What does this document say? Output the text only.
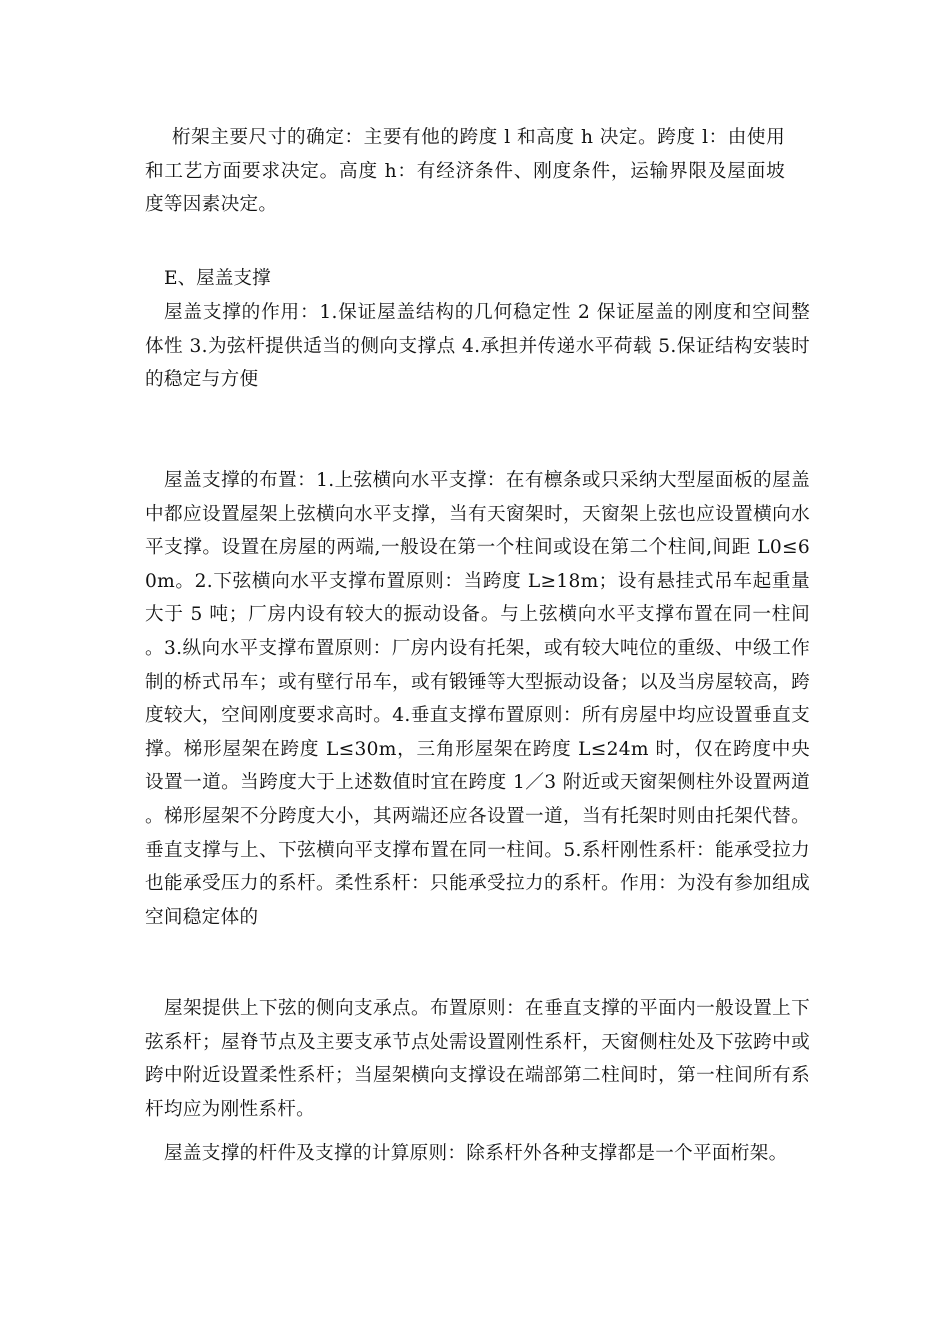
桁架主要尺寸的确定：主要有他的跨度 l 和高度 h 决定。跨度 l：由使用和工艺方面要求决定。高度 h：有经济条件、刚度条件，运输界限及屋面坡度等因素决定。

E、屋盖支撑

屋盖支撑的作用：1.保证屋盖结构的几何稳定性 2 保证屋盖的刚度和空间整体性 3.为弦杆提供适当的侧向支撑点 4.承担并传递水平荷载 5.保证结构安装时的稳定与方便

屋盖支撑的布置：1.上弦横向水平支撑：在有檩条或只采纳大型屋面板的屋盖中都应设置屋架上弦横向水平支撑，当有天窗架时，天窗架上弦也应设置横向水平支撑。设置在房屋的两端,一般设在第一个柱间或设在第二个柱间,间距 L0≤60m。2.下弦横向水平支撑布置原则：当跨度 L≥18m；设有悬挂式吊车起重量大于 5 吨；厂房内设有较大的振动设备。与上弦横向水平支撑布置在同一柱间。3.纵向水平支撑布置原则：厂房内设有托架，或有较大吨位的重级、中级工作制的桥式吊车；或有壁行吊车，或有锻锤等大型振动设备；以及当房屋较高，跨度较大，空间刚度要求高时。4.垂直支撑布置原则：所有房屋中均应设置垂直支撑。梯形屋架在跨度 L≤30m，三角形屋架在跨度 L≤24m 时，仅在跨度中央设置一道。当跨度大于上述数值时宜在跨度 1／3 附近或天窗架侧柱外设置两道。梯形屋架不分跨度大小，其两端还应各设置一道，当有托架时则由托架代替。垂直支撑与上、下弦横向平支撑布置在同一柱间。5.系杆刚性系杆：能承受拉力也能承受压力的系杆。柔性系杆：只能承受拉力的系杆。作用：为没有参加组成空间稳定体的

屋架提供上下弦的侧向支承点。布置原则：在垂直支撑的平面内一般设置上下弦系杆；屋脊节点及主要支承节点处需设置刚性系杆，天窗侧柱处及下弦跨中或跨中附近设置柔性系杆；当屋架横向支撑设在端部第二柱间时，第一柱间所有系杆均应为刚性系杆。

屋盖支撑的杆件及支撑的计算原则：除系杆外各种支撑都是一个平面桁架。
